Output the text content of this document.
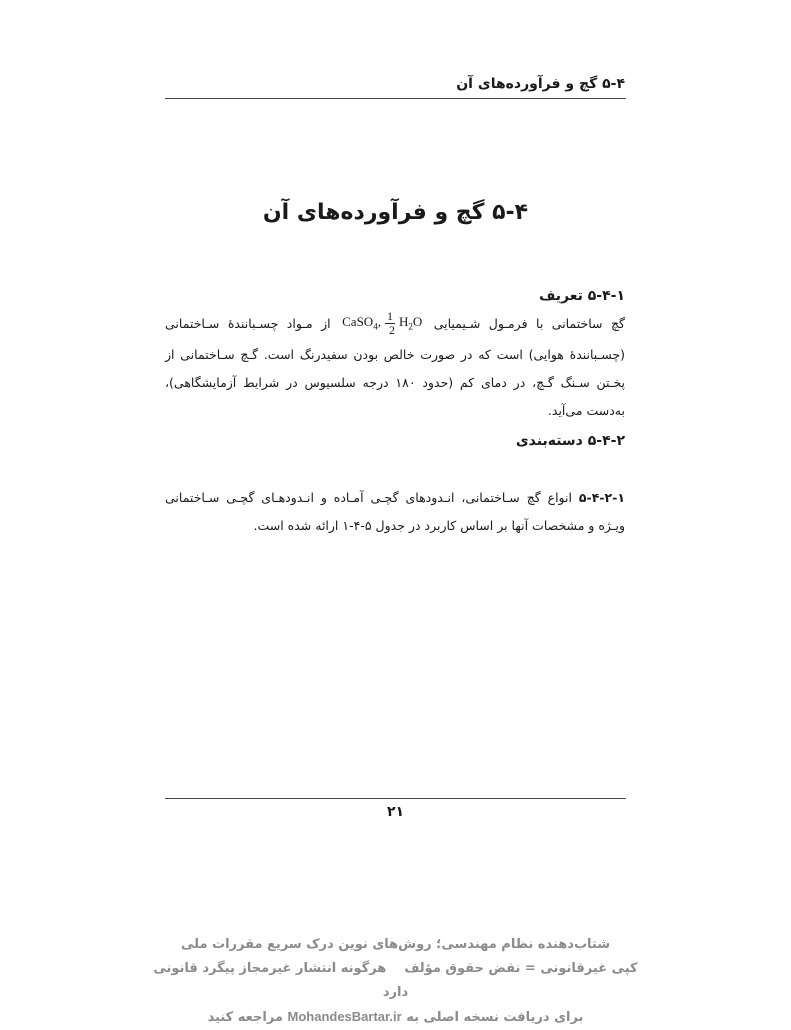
۵-۴ گچ و فرآورده‌های آن
۵-۴ گچ و فرآورده‌های آن
۵-۴-۱ تعریف
گچ ساختمانی با فرمـول شـیمیایی CaSO$_4$, $\frac{1}{2} H_2O$ از مـواد چسـبانندۀ سـاختمانی (چسـبانندۀ هوایی) است که در صورت خالص بودن سفیدرنگ است. گـچ سـاختمانی از پخـتن سـنگ گـچ، در دمای کم (حدود ۱۸۰ درجه سلسیوس در شرایط آزمایشگاهی)، به‌دست می‌آید.
۵-۴-۲ دسته‌بندی
۵-۴-۲-۱ انواع گچ سـاختمانی، انـدودهای گچـی آمـاده و انـدودهـای گچـی سـاختمانی ویـژه و مشخصات آنها بر اساس کاربرد در جدول ۵-۴-۱ ارائه شده است.
۲۱
شتاب‌دهنده نظام مهندسی؛ روش‌های نوین درک سریع مقررات ملی
کپی غیرقانونی = نقض حقوق مؤلفهرگونه انتشار غیرمجاز پیگرد قانونی دارد
برای دریافت نسخه اصلی به MohandesBartar.ir مراجعه کنید
